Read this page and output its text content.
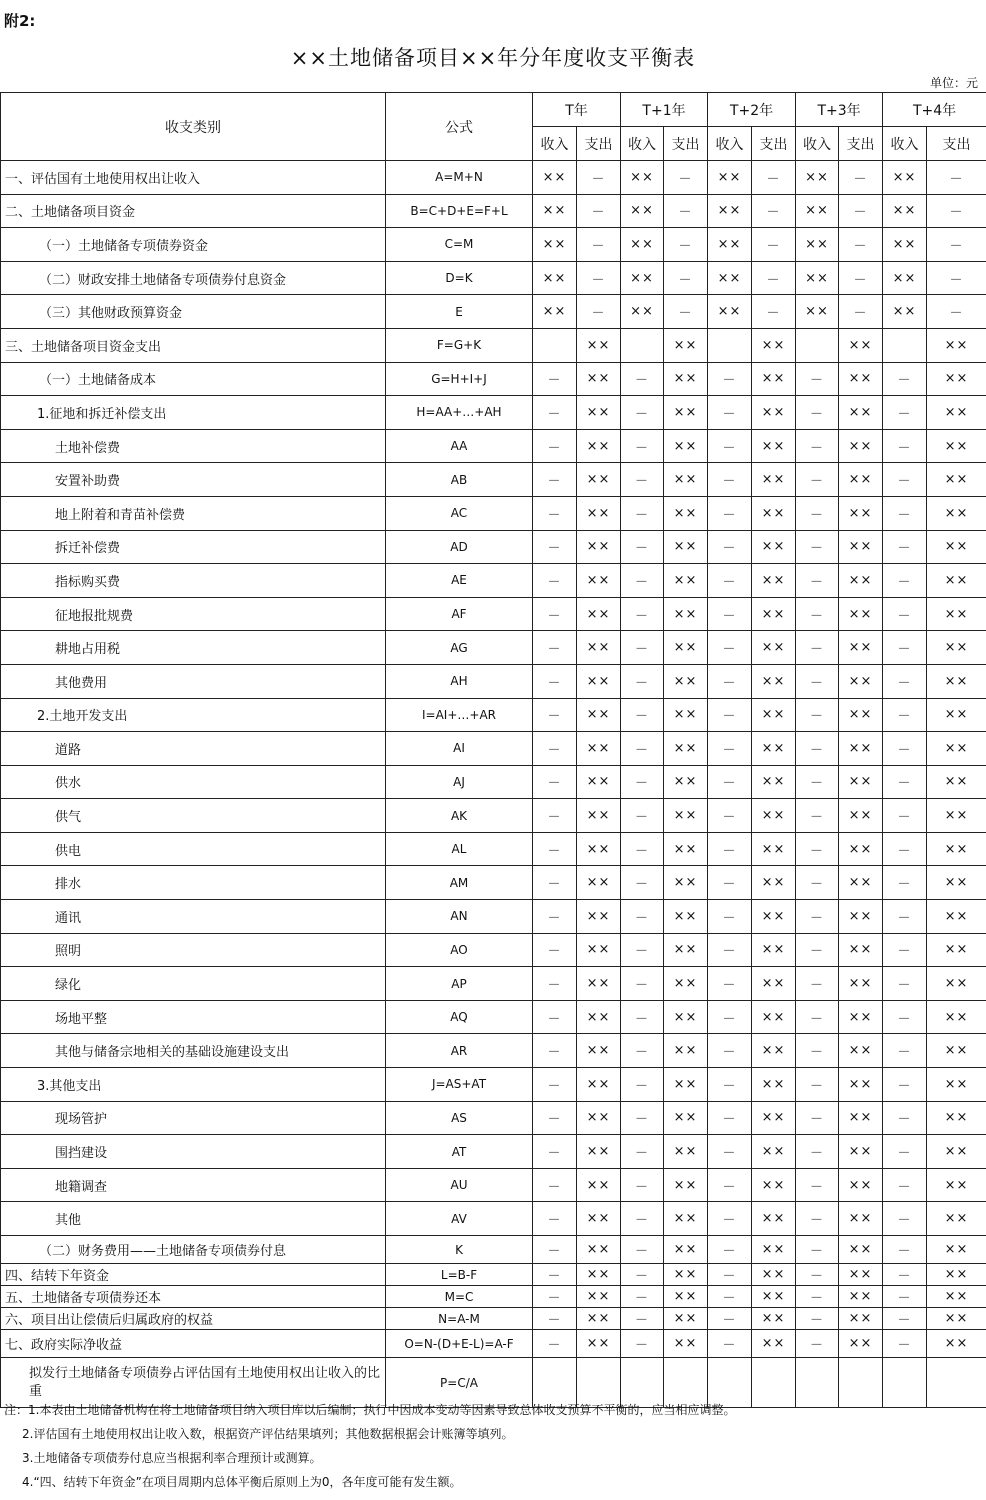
附2:
××土地储备项目××年分年度收支平衡表
单位：元
收支类别	公式	T年		T+1年		T+2年		T+3年		T+4年	
		收入	支出	收入	支出	收入	支出	收入	支出	收入	支出
一、评估国有土地使用权出让收入	A=M+N	××	－	××	－	××	－	××	－	××	－
二、土地储备项目资金	B=C+D+E=F+L	××	－	××	－	××	－	××	－	××	－
（一）土地储备专项债券资金	C=M	××	－	××	－	××	－	××	－	××	－
（二）财政安排土地储备专项债券付息资金	D=K	××	－	××	－	××	－	××	－	××	－
（三）其他财政预算资金	E	××	－	××	－	××	－	××	－	××	－
三、土地储备项目资金支出	F=G+K		××		××		××		××		××
（一）土地储备成本	G=H+I+J	－	××	－	××	－	××	－	××	－	××
1.征地和拆迁补偿支出	H=AA+…+AH	－	××	－	××	－	××	－	××	－	××
土地补偿费	AA	－	××	－	××	－	××	－	××	－	××
安置补助费	AB	－	××	－	××	－	××	－	××	－	××
地上附着和青苗补偿费	AC	－	××	－	××	－	××	－	××	－	××
拆迁补偿费	AD	－	××	－	××	－	××	－	××	－	××
指标购买费	AE	－	××	－	××	－	××	－	××	－	××
征地报批规费	AF	－	××	－	××	－	××	－	××	－	××
耕地占用税	AG	－	××	－	××	－	××	－	××	－	××
其他费用	AH	－	××	－	××	－	××	－	××	－	××
2.土地开发支出	I=AI+…+AR	－	××	－	××	－	××	－	××	－	××
道路	AI	－	××	－	××	－	××	－	××	－	××
供水	AJ	－	××	－	××	－	××	－	××	－	××
供气	AK	－	××	－	××	－	××	－	××	－	××
供电	AL	－	××	－	××	－	××	－	××	－	××
排水	AM	－	××	－	××	－	××	－	××	－	××
通讯	AN	－	××	－	××	－	××	－	××	－	××
照明	AO	－	××	－	××	－	××	－	××	－	××
绿化	AP	－	××	－	××	－	××	－	××	－	××
场地平整	AQ	－	××	－	××	－	××	－	××	－	××
其他与储备宗地相关的基础设施建设支出	AR	－	××	－	××	－	××	－	××	－	××
3.其他支出	J=AS+AT	－	××	－	××	－	××	－	××	－	××
现场管护	AS	－	××	－	××	－	××	－	××	－	××
围挡建设	AT	－	××	－	××	－	××	－	××	－	××
地籍调查	AU	－	××	－	××	－	××	－	××	－	××
其他	AV	－	××	－	××	－	××	－	××	－	××
（二）财务费用——土地储备专项债券付息	K	－	××	－	××	－	××	－	××	－	××
四、结转下年资金	L=B-F	－	××	－	××	－	××	－	××	－	××
五、土地储备专项债券还本	M=C	－	××	－	××	－	××	－	××	－	××
六、项目出让偿债后归属政府的权益	N=A-M	－	××	－	××	－	××	－	××	－	××
七、政府实际净收益	O=N-(D+E-L)=A-F	－	××	－	××	－	××	－	××	－	××
拟发行土地储备专项债券占评估国有土地使用权出让收入的比重	P=C/A										
注：1.本表由土地储备机构在将土地储备项目纳入项目库以后编制；执行中因成本变动等因素导致总体收支预算不平衡的，应当相应调整。
2.评估国有土地使用权出让收入数，根据资产评估结果填列；其他数据根据会计账簿等填列。
3.土地储备专项债券付息应当根据利率合理预计或测算。
4.“四、结转下年资金”在项目周期内总体平衡后原则上为0，各年度可能有发生额。
